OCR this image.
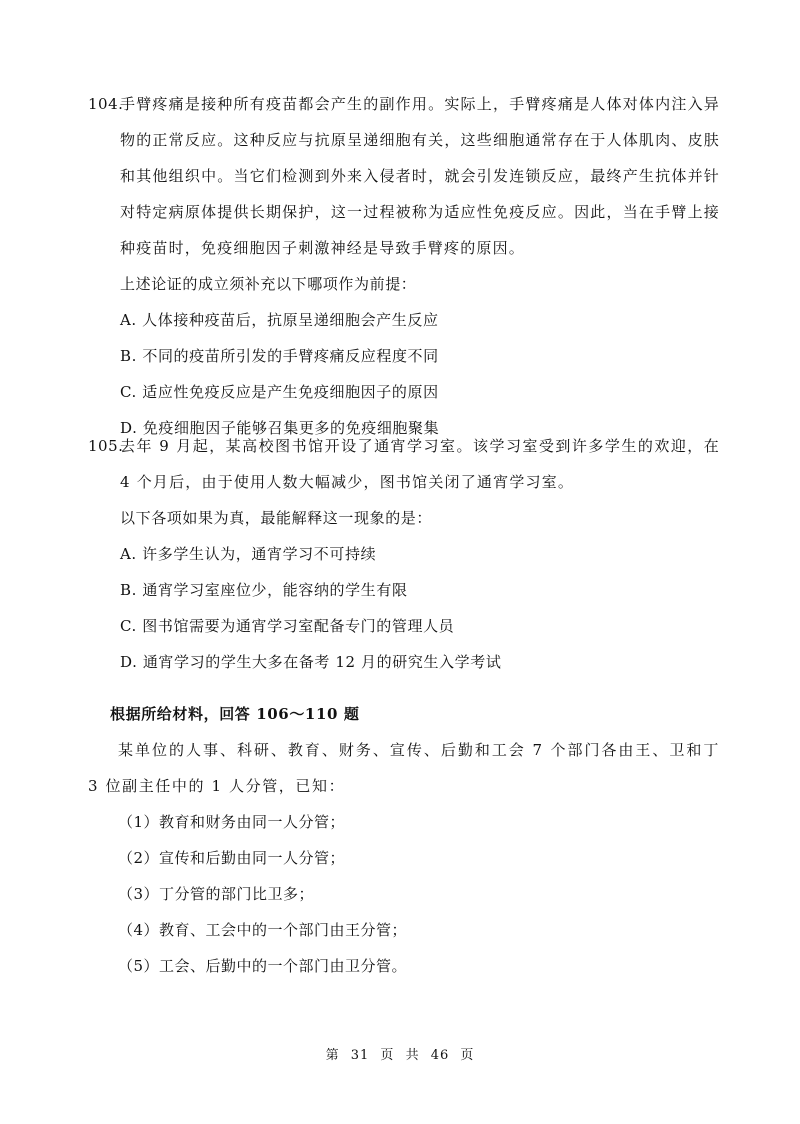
104.
手臂疼痛是接种所有疫苗都会产生的副作用。实际上，手臂疼痛是人体对体内注入异物的正常反应。这种反应与抗原呈递细胞有关，这些细胞通常存在于人体肌肉、皮肤和其他组织中。当它们检测到外来入侵者时，就会引发连锁反应，最终产生抗体并针对特定病原体提供长期保护，这一过程被称为适应性免疫反应。因此，当在手臂上接种疫苗时，免疫细胞因子刺激神经是导致手臂疼的原因。
上述论证的成立须补充以下哪项作为前提：
A. 人体接种疫苗后，抗原呈递细胞会产生反应
B. 不同的疫苗所引发的手臂疼痛反应程度不同
C. 适应性免疫反应是产生免疫细胞因子的原因
D. 免疫细胞因子能够召集更多的免疫细胞聚集
105.
去年 9 月起，某高校图书馆开设了通宵学习室。该学习室受到许多学生的欢迎，在 4 个月后，由于使用人数大幅减少，图书馆关闭了通宵学习室。
以下各项如果为真，最能解释这一现象的是：
A. 许多学生认为，通宵学习不可持续
B. 通宵学习室座位少，能容纳的学生有限
C. 图书馆需要为通宵学习室配备专门的管理人员
D. 通宵学习的学生大多在备考 12 月的研究生入学考试
根据所给材料，回答 106～110 题
某单位的人事、科研、教育、财务、宣传、后勤和工会 7 个部门各由王、卫和丁 3 位副主任中的 1 人分管，已知：
（1）教育和财务由同一人分管；
（2）宣传和后勤由同一人分管；
（3）丁分管的部门比卫多；
（4）教育、工会中的一个部门由王分管；
（5）工会、后勤中的一个部门由卫分管。
第 31 页 共 46 页
